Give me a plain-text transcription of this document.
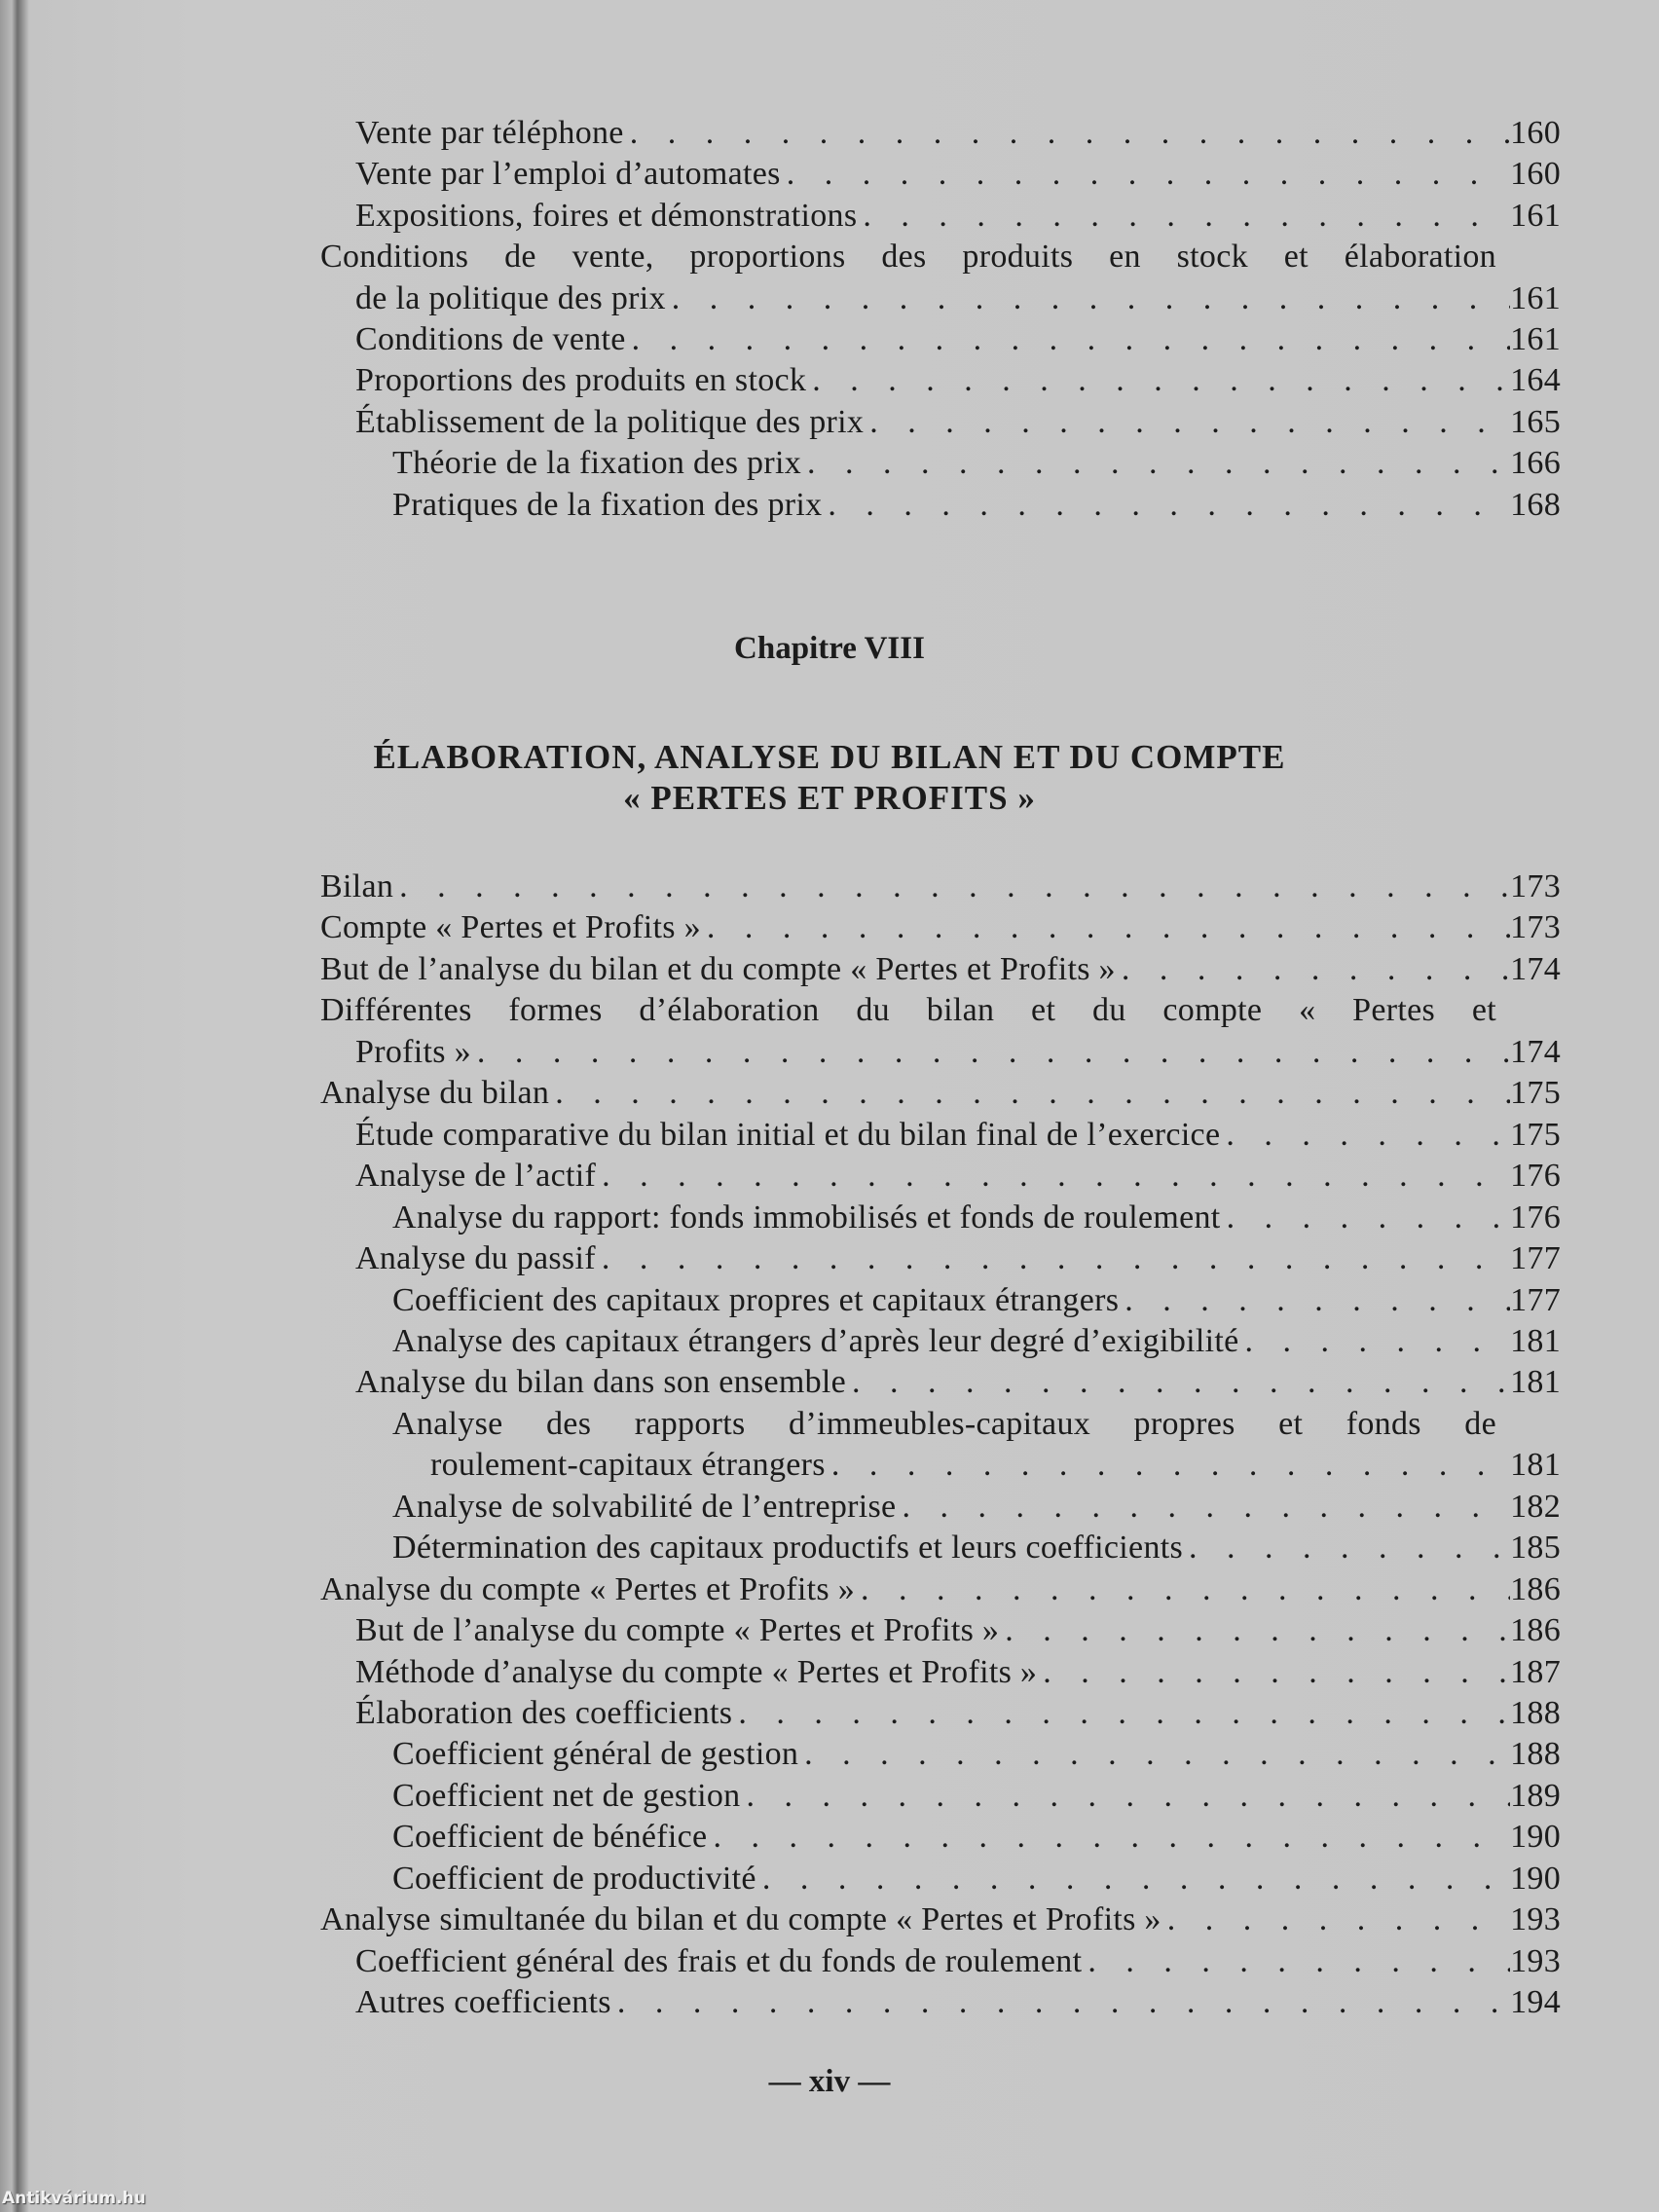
Vente par téléphone . . .	160
Vente par l’emploi d’automates . . .	160
Expositions, foires et démonstrations . . .	161
Conditions de vente, proportions des produits en stock et élaboration
de la politique des prix . . .	161
Conditions de vente . . .	161
Proportions des produits en stock . . .	164
Établissement de la politique des prix . . .	165
Théorie de la fixation des prix . . .	166
Pratiques de la fixation des prix . . .	168
Bilan . . .	173
Compte « Pertes et Profits » . . .	173
But de l’analyse du bilan et du compte « Pertes et Profits » . . .	174
Différentes formes d’élaboration du bilan et du compte « Pertes et
Profits » . . .	174
Analyse du bilan . . .	175
Étude comparative du bilan initial et du bilan final de l’exercice . . .	175
Analyse de l’actif . . .	176
Analyse du rapport: fonds immobilisés et fonds de roulement . . .	176
Analyse du passif . . .	177
Coefficient des capitaux propres et capitaux étrangers . . .	177
Analyse des capitaux étrangers d’après leur degré d’exigibilité . . .	181
Analyse du bilan dans son ensemble . . .	181
Analyse des rapports d’immeubles-capitaux propres et fonds de
roulement-capitaux étrangers . . .	181
Analyse de solvabilité de l’entreprise . . .	182
Détermination des capitaux productifs et leurs coefficients . . .	185
Analyse du compte « Pertes et Profits » . . .	186
But de l’analyse du compte « Pertes et Profits » . . .	186
Méthode d’analyse du compte « Pertes et Profits » . . .	187
Élaboration des coefficients . . .	188
Coefficient général de gestion . . .	188
Coefficient net de gestion . . .	189
Coefficient de bénéfice . . .	190
Coefficient de productivité . . .	190
Analyse simultanée du bilan et du compte « Pertes et Profits » . . .	193
Coefficient général des frais et du fonds de roulement . . .	193
Autres coefficients . . .	194
Chapitre VIII
ÉLABORATION, ANALYSE DU BILAN ET DU COMPTE
« PERTES ET PROFITS »
— xiv —
Antikvárium.hu
